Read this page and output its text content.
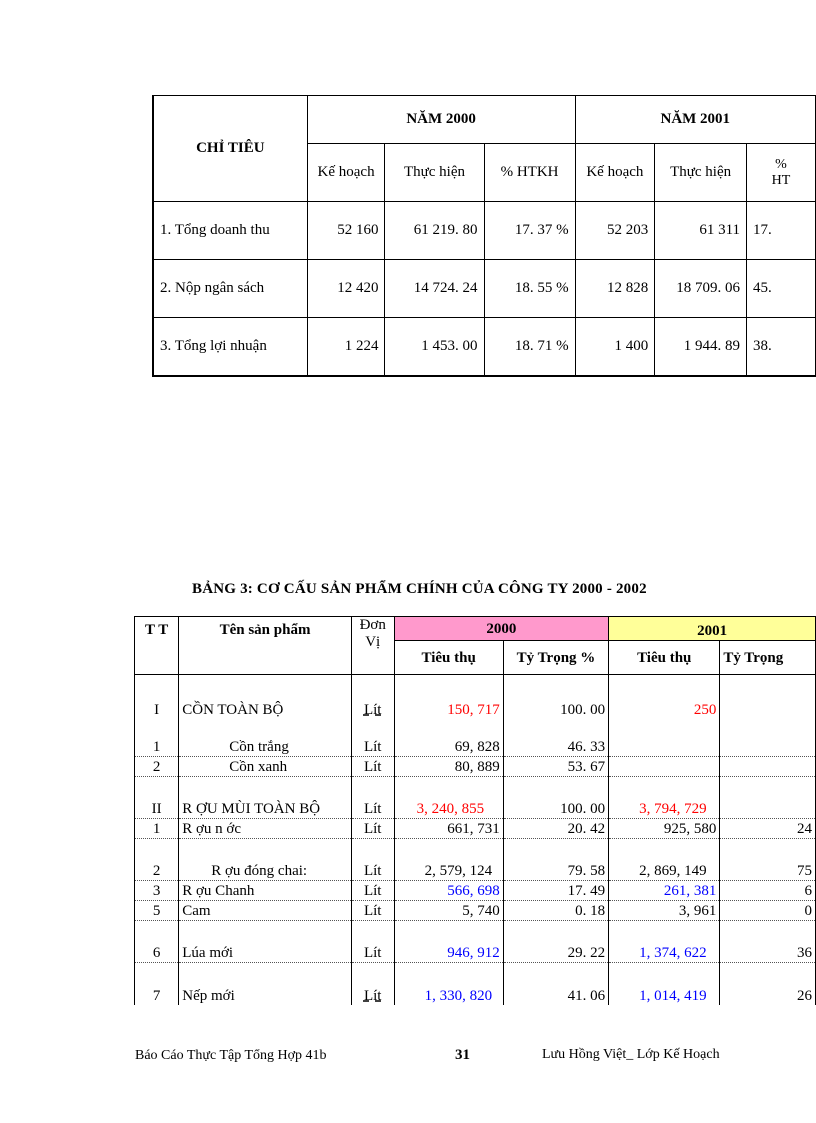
CHỈ TIÊU	NĂM 2000			NĂM 2001		
	Kế hoạch	Thực hiện	% HTKH	Kế hoạch	Thực hiện	%
HT
1. Tổng doanh thu	52 160	61 219. 80	17. 37 %	52 203	61 311	17.
2. Nộp ngân sách	12 420	14 724. 24	18. 55 %	12 828	18 709. 06	45.
3. Tổng lợi nhuận	1 224	1 453. 00	18. 71 %	1 400	1 944. 89	38.
BẢNG 3: CƠ CẤU SẢN PHẨM CHÍNH CỦA CÔNG TY 2000 - 2002
T T	Tên sản phẩm	Đơn Vị	2000		2001	
			Tiêu thụ	Tỷ Trọng %	Tiêu thụ	Tỷ Trọng
I	CỒN TOÀN BỘ	Lít	150, 717	100. 00	250	
1	Cồn trắng	Lít	69, 828	46. 33		
2	Cồn xanh	Lít	80, 889	53. 67		
II	R ỢU MÙI TOÀN BỘ	Lít	3, 240, 855	100. 00	3, 794, 729	
1	R ợu n ớc	Lít	661, 731	20. 42	925, 580	24
2	R ợu đóng chai:	Lít	2, 579, 124	79. 58	2, 869, 149	75
3	R ợu Chanh	Lít	566, 698	17. 49	261, 381	6
5	Cam	Lít	5, 740	0. 18	3, 961	0
6	Lúa mới	Lít	946, 912	29. 22	1, 374, 622	36
7	Nếp mới	Lít	1, 330, 820	41. 06	1, 014, 419	26
Báo Cáo Thực Tập Tổng Hợp 41b	31	Lưu Hồng Việt_ Lớp Kế Hoạch
